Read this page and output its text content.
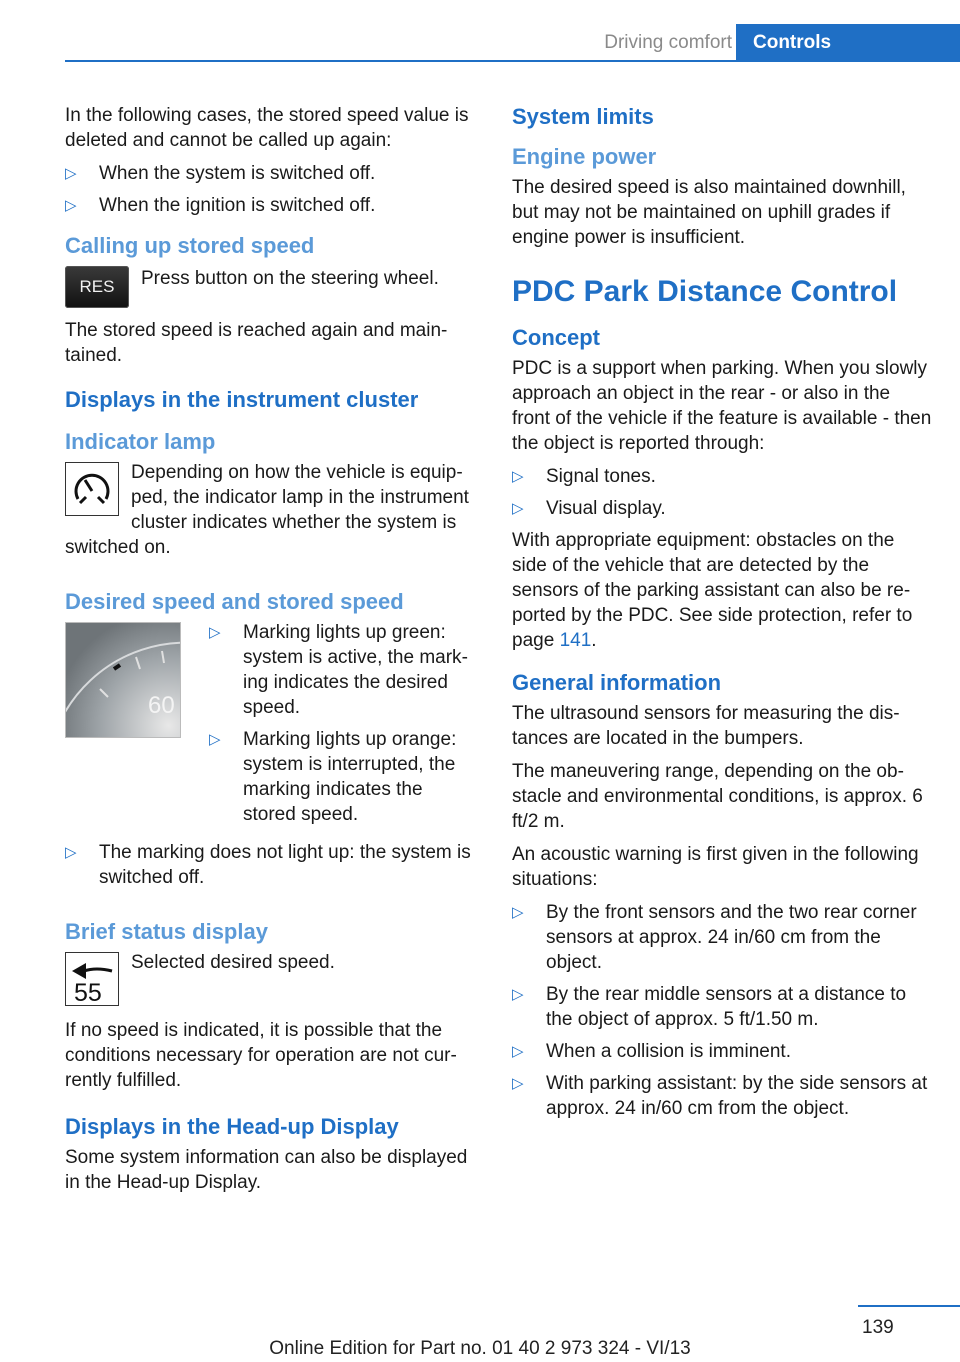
Driving comfort	Controls

In the following cases, the stored speed value is deleted and cannot be called up again:

▷ When the system is switched off.
▷ When the ignition is switched off.
Calling up stored speed
RES	Press button on the steering wheel.

The stored speed is reached again and maintained.

Displays in the instrument cluster
Indicator lamp

Depending on how the vehicle is equipped, the indicator lamp in the instrument cluster indicates whether the system is switched on.

Desired speed and stored speed
60
▷ Marking lights up green: system is active, the marking indicates the desired speed.
▷ Marking lights up orange: system is interrupted, the marking indicates the stored speed.
▷ The marking does not light up: the system is switched off.
Brief status display
55

Selected desired speed.

If no speed is indicated, it is possible that the conditions necessary for operation are not currently fulfilled.

Displays in the Head-up Display

Some system information can also be displayed in the Head-up Display.

System limits
Engine power

The desired speed is also maintained downhill, but may not be maintained on uphill grades if engine power is insufficient.

PDC Park Distance Control
Concept

PDC is a support when parking. When you slowly approach an object in the rear - or also in the front of the vehicle if the feature is available - then the object is reported through:

▷ Signal tones.
▷ Visual display.

With appropriate equipment: obstacles on the side of the vehicle that are detected by the sensors of the parking assistant can also be reported by the PDC. See side protection, refer to page 141.

General information

The ultrasound sensors for measuring the distances are located in the bumpers.

The maneuvering range, depending on the obstacle and environmental conditions, is approx. 6 ft/2 m.

An acoustic warning is first given in the following situations:

▷ By the front sensors and the two rear corner sensors at approx. 24 in/60 cm from the object.
▷ By the rear middle sensors at a distance to the object of approx. 5 ft/1.50 m.
▷ When a collision is imminent.
▷ With parking assistant: by the side sensors at approx. 24 in/60 cm from the object.
139
Online Edition for Part no. 01 40 2 973 324 - VI/13
